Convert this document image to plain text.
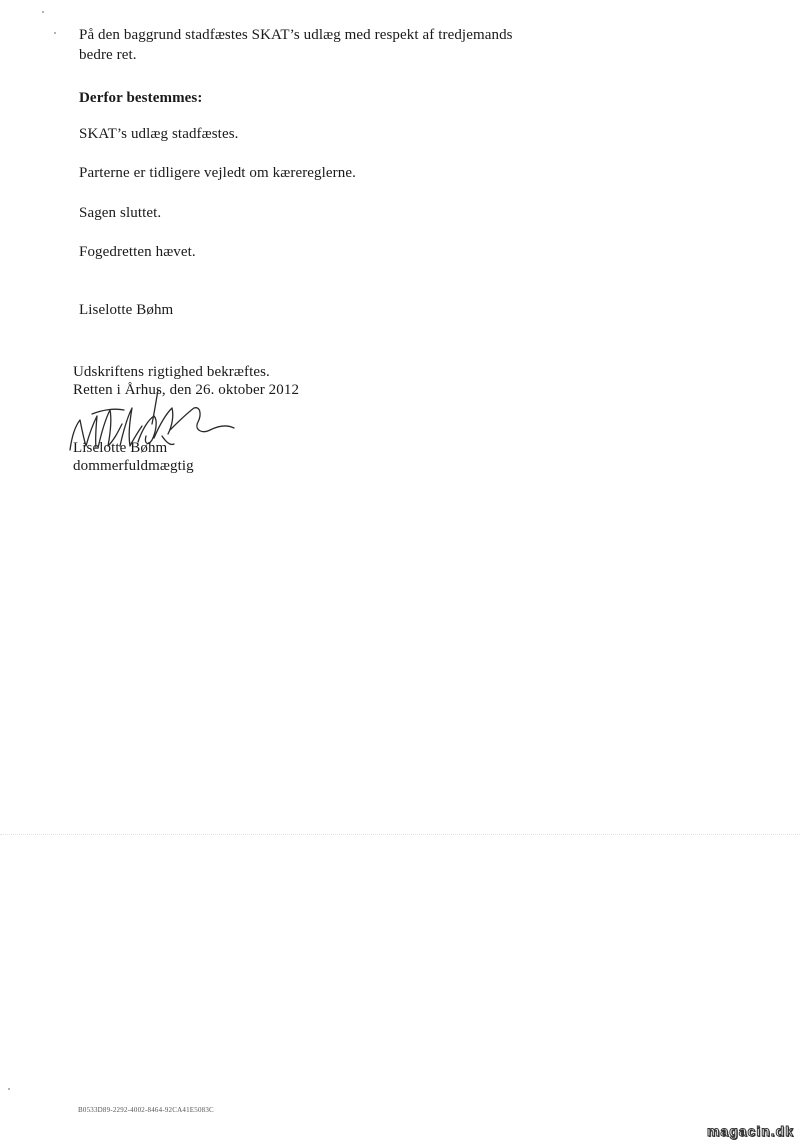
På den baggrund stadfæstes SKAT’s udlæg med respekt af tredjemands
bedre ret.
Derfor bestemmes:
SKAT’s udlæg stadfæstes.
Parterne er tidligere vejledt om kærereglerne.
Sagen sluttet.
Fogedretten hævet.
Liselotte Bøhm
Udskriftens rigtighed bekræftes.
Retten i Århus, den 26. oktober 2012
Liselotte Bøhm
dommerfuldmægtig
B0533D89-2292-4002-8464-92CA41E5083C
magacin.dk
